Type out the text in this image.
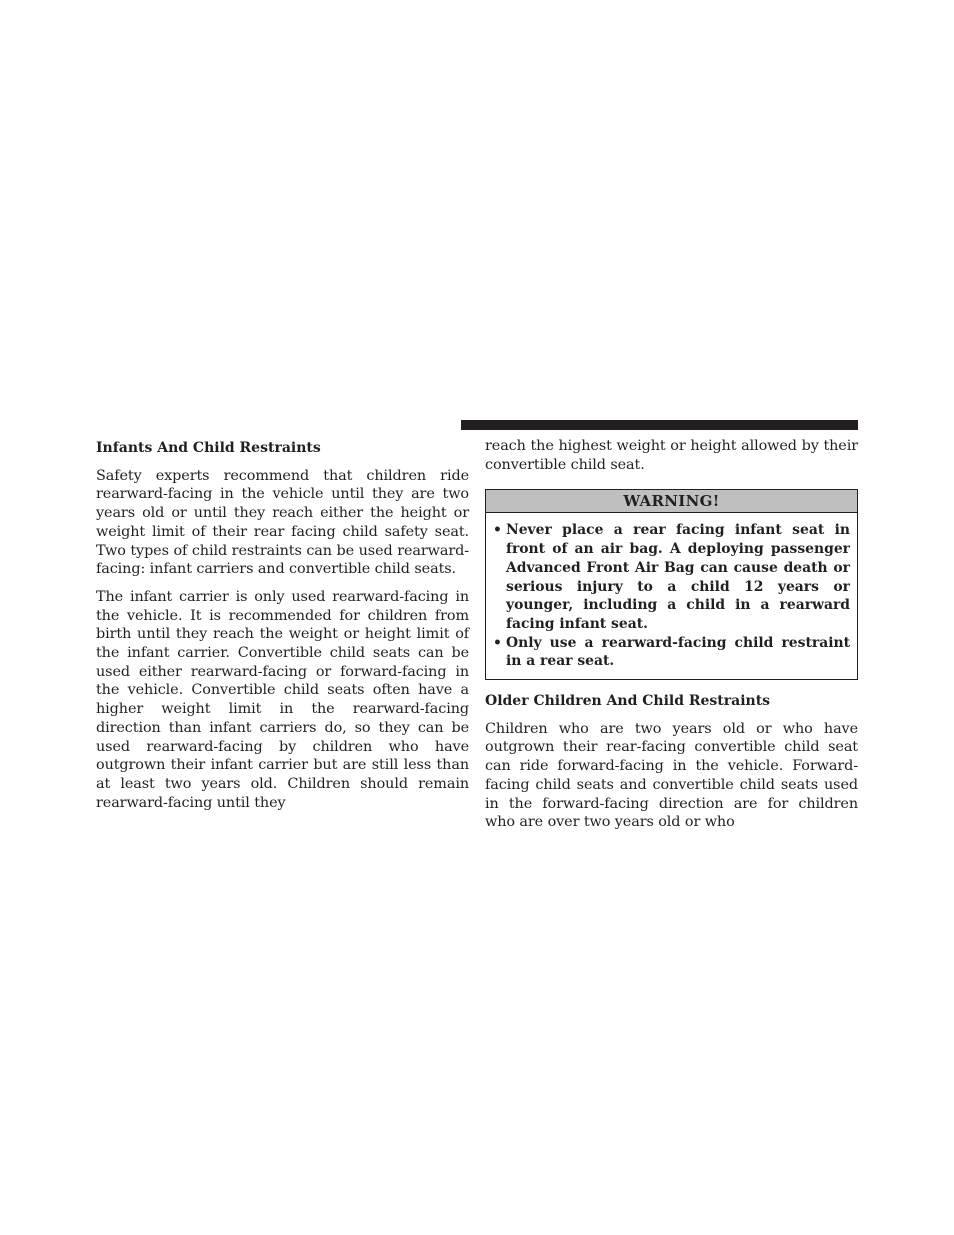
Infants And Child Restraints

Safety experts recommend that children ride rearward-facing in the vehicle until they are two years old or until they reach either the height or weight limit of their rear facing child safety seat. Two types of child restraints can be used rearward-facing: infant carriers and convertible child seats.

The infant carrier is only used rearward-facing in the vehicle. It is recommended for children from birth until they reach the weight or height limit of the infant carrier. Convertible child seats can be used either rearward-facing or forward-facing in the vehicle. Convertible child seats often have a higher weight limit in the rearward-facing direction than infant carriers do, so they can be used rearward-facing by children who have outgrown their infant carrier but are still less than at least two years old. Children should remain rearward-facing until they

reach the highest weight or height allowed by their convertible child seat.

WARNING!
• Never place a rear facing infant seat in front of an air bag. A deploying passenger Advanced Front Air Bag can cause death or serious injury to a child 12 years or younger, including a child in a rearward facing infant seat.
• Only use a rearward-facing child restraint in a rear seat.
Older Children And Child Restraints

Children who are two years old or who have outgrown their rear-facing convertible child seat can ride forward-facing in the vehicle. Forward-facing child seats and convertible child seats used in the forward-facing direction are for children who are over two years old or who
